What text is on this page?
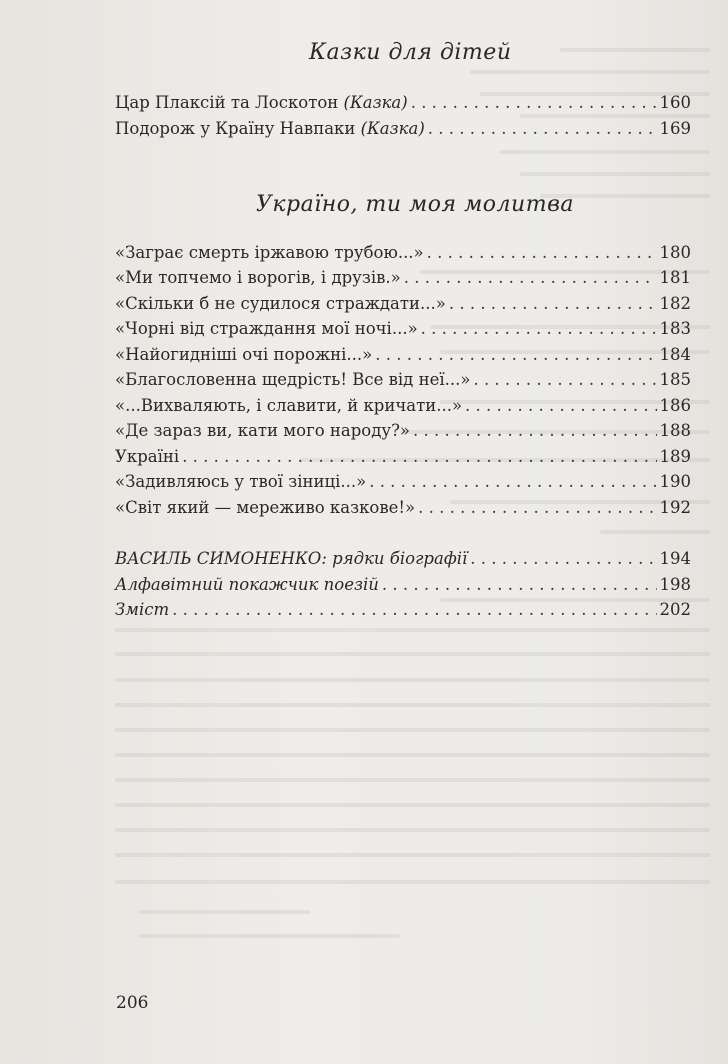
Казки для дітей
Цар Плаксій та Лоскотон (Казка) . . .	160
Подорож у Країну Навпаки (Казка) . . .	169
Україно, ти моя молитва
«Заграє смерть іржавою трубою...» . . .	180
«Ми топчемо і ворогів, і друзів.» . . .	181
«Скільки б не судилося страждати...» . . .	182
«Чорні від страждання мої ночі...» . . .	183
«Найогидніші очі порожні...» . . .	184
«Благословенна щедрість! Все від неї...» . . .	185
«...Вихваляють, і славити, й кричати...» . . .	186
«Де зараз ви, кати мого народу?» . . .	188
Україні . . .	189
«Задивляюсь у твої зіниці...» . . .	190
«Світ який — мереживо казкове!» . . .	192
ВАСИЛЬ СИМОНЕНКО: рядки біографії . . .	194
Алфавітний покажчик поезій . . .	198
Зміст . . .	202
206
